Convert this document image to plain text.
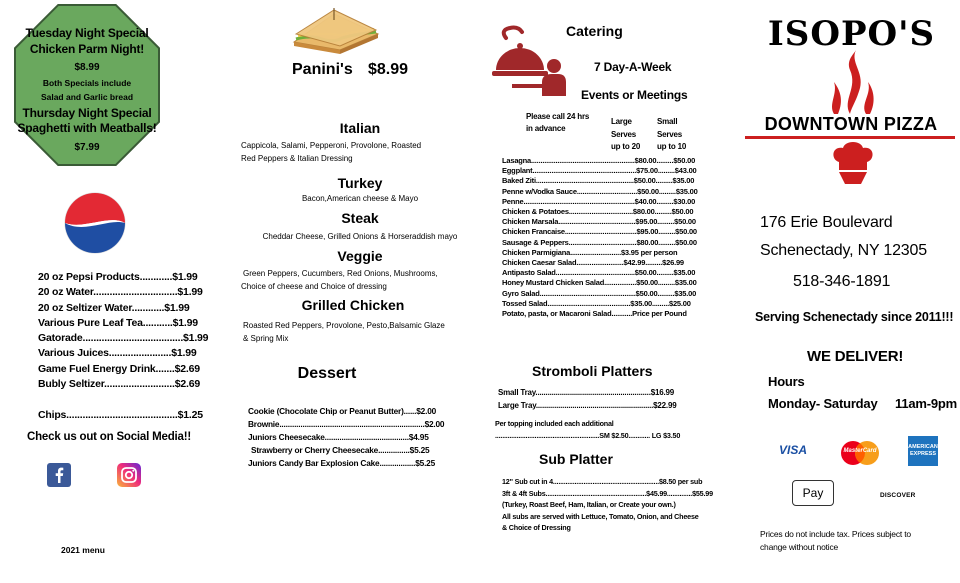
Tuesday Night Special
Chicken Parm Night!
$8.99
Both Specials include
Salad and Garlic bread
Thursday Night Special
Spaghetti with Meatballs!
$7.99
20 oz Pepsi Products............$1.99
20 oz Water...............................$1.99
20 oz Seltizer Water............$1.99
Various Pure Leaf Tea...........$1.99
Gatorade.....................................$1.99
Various Juices.......................$1.99
Game Fuel Energy Drink.......$2.69
Bubly Seltizer..........................$2.69
Chips.........................................$1.25
Check us out on Social Media!!
2021 menu
Panini's $8.99
Italian
Cappicola, Salami, Pepperoni, Provolone, Roasted
Red Peppers & Italian Dressing
Turkey
Bacon,American cheese & Mayo
Steak
Cheddar Cheese, Grilled Onions & Horseraddish mayo
Veggie
Green Peppers, Cucumbers, Red Onions, Mushrooms,
Choice of cheese and Choice of dressing
Grilled Chicken
Roasted Red Peppers, Provolone, Pesto,Balsamic Glaze
& Spring Mix
Dessert
Cookie (Chocolate Chip or Peanut Butter)......$2.00
Brownie.....................................................................$2.00
Juniors Cheesecake........................................$4.95
Strawberry or Cherry Cheesecake...............$5.25
Juniors Candy Bar Explosion Cake.................$5.25
Catering
7 Day-A-Week
Events or Meetings
Please call 24 hrs
in advance
Large
Serves
up to 20
Small
Serves
up to 10
Lasagna.......................................................$80.00.........$50.00
Eggplant.......................................................$75.00.........$43.00
Baked Ziti....................................................$50.00.........$35.00
Penne w/Vodka Sauce................................$50.00.........$35.00
Penne...........................................................$40.00.........$30.00
Chicken & Potatoes..................................$80.00.........$50.00
Chicken Marsala.........................................$95.00.........$50.00
Chicken Francaise......................................$95.00.........$50.00
Sausage & Peppers....................................$80.00.........$50.00
Chicken Parmigiana...........................$3.95 per person
Chicken Caesar Salad.........................$42.99.........$26.99
Antipasto Salad..........................................$50.00.........$35.00
Honey Mustard Chicken Salad.................$50.00.........$35.00
Gyro Salad...................................................$50.00.........$35.00
Tossed Salad............................................$35.00.........$25.00
Potato, pasta, or Macaroni Salad...........Price per Pound
Stromboli Platters
Small Tray.........................................................$16.99
Large Tray..........................................................$22.99
Per topping included each additional
..........................................................SM $2.50............ LG $3.50
Sub Platter
12" Sub cut in 4...........................................................$8.50 per sub
3ft & 4ft Subs........................................................$45.99..............$55.99
(Turkey, Roast Beef, Ham, Italian, or Create your own.)
All subs are served with Lettuce, Tomato, Onion, and Cheese
& Choice of Dressing
ISOPO'S
DOWNTOWN PIZZA
176 Erie Boulevard
Schenectady, NY 12305
518-346-1891
Serving Schenectady since 2011!!!
WE DELIVER!
Hours
Monday- Saturday 11am-9pm
VISA	MasterCard
AMERICAN EXPRESS
Pay	DISCOVER
Prices do not include tax. Prices subject to
change without notice
